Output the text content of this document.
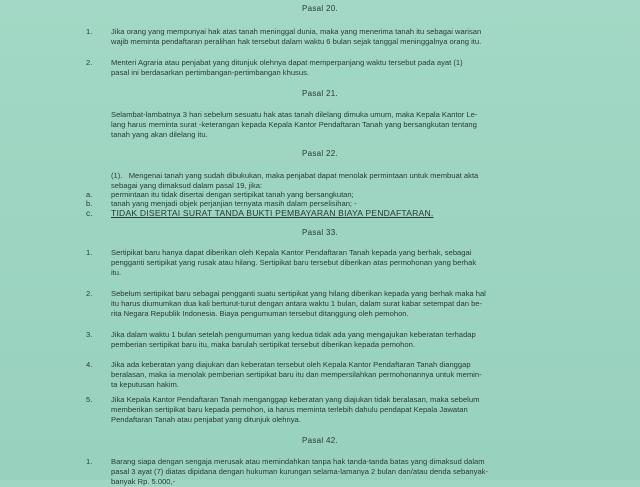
Pasal 20.
1.	Jika orang yang mempunyai hak atas tanah meninggal dunia, maka yang menerima tanah itu sebagai warisan
wajib meminta pendaftaran peralihan hak tersebut dalam waktu 6 bulan sejak tanggal meninggalnya orang itu.
2.	Menteri Agraria atau penjabat yang ditunjuk olehnya dapat memperpanjang waktu tersebut pada ayat (1)
pasal ini berdasarkan pertimbangan-pertimbangan khusus.
Pasal 21.
Selambat-lambatnya 3 hari sebelum sesuatu hak atas tanah dilelang dimuka umum, maka Kepala Kantor Le-
lang harus meminta surat -keterangan kepada Kepala Kantor Pendaftaran Tanah yang bersangkutan tentang
tanah yang akan dilelang itu.
Pasal 22.
(1). Mengenai tanah yang sudah dibukukan, maka penjabat dapat menolak permintaan untuk membuat akta
sebagai yang dimaksud dalam pasal 19, jika:
a.	permintaan itu tidak disertai dengan sertipikat tanah yang bersangkutan;
b.	tanah yang menjadi objek perjanjian ternyata masih dalam perselisihan; -
c.	TIDAK DISERTAI SURAT TANDA BUKTI PEMBAYARAN BIAYA PENDAFTARAN.
Pasal 33.
1.	Sertipikat baru hanya dapat diberikan oleh Kepala Kantor Pendaftaran Tanah kepada yang berhak, sebagai
pengganti sertipikat yang rusak atau hilang. Sertipikat baru tersebut diberikan atas permohonan yang berhak
itu.
2.	Sebelum sertipikat baru sebagai pengganti suatu sertipikat yang hilang diberikan kepada yang berhak maka hal
itu harus diumumkan dua kali berturut-turut dengan antara waktu 1 bulan, dalam surat kabar setempat dan be-
rita Negara Republik Indonesia. Biaya pengumuman tersebut ditanggung oleh pemohon.
3.	Jika dalam waktu 1 bulan setelah pengumuman yang kedua tidak ada yang mengajukan keberatan terhadap
pemberian sertipikat baru itu, maka barulah sertipikat tersebut diberikan kepada pemohon.
4.	Jika ada keberatan yang diajukan dan keberatan tersebut oleh Kepala Kantor Pendaftaran Tanah dianggap
beralasan, maka ia menolak pemberian sertipikat baru itu dan mempersilahkan permohonannya untuk memin-
ta keputusan hakim.
5.	Jika Kepala Kantor Pendaftaran Tanah menganggap keberatan yang diajukan tidak beralasan, maka sebelum
memberikan sertipikat baru kepada pemohon, ia harus meminta terlebih dahulu pendapat Kepala Jawatan
Pendaftaran Tanah atau penjabat yang ditunjuk olehnya.
Pasal 42.
1.	Barang siapa dengan sengaja merusak atau memindahkan tanpa hak tanda-tanda batas yang dimaksud dalam
pasal 3 ayat (7) diatas dipidana dengan hukuman kurungan selama-lamanya 2 bulan dan/atau denda sebanyak-
banyak Rp. 5.000,-
